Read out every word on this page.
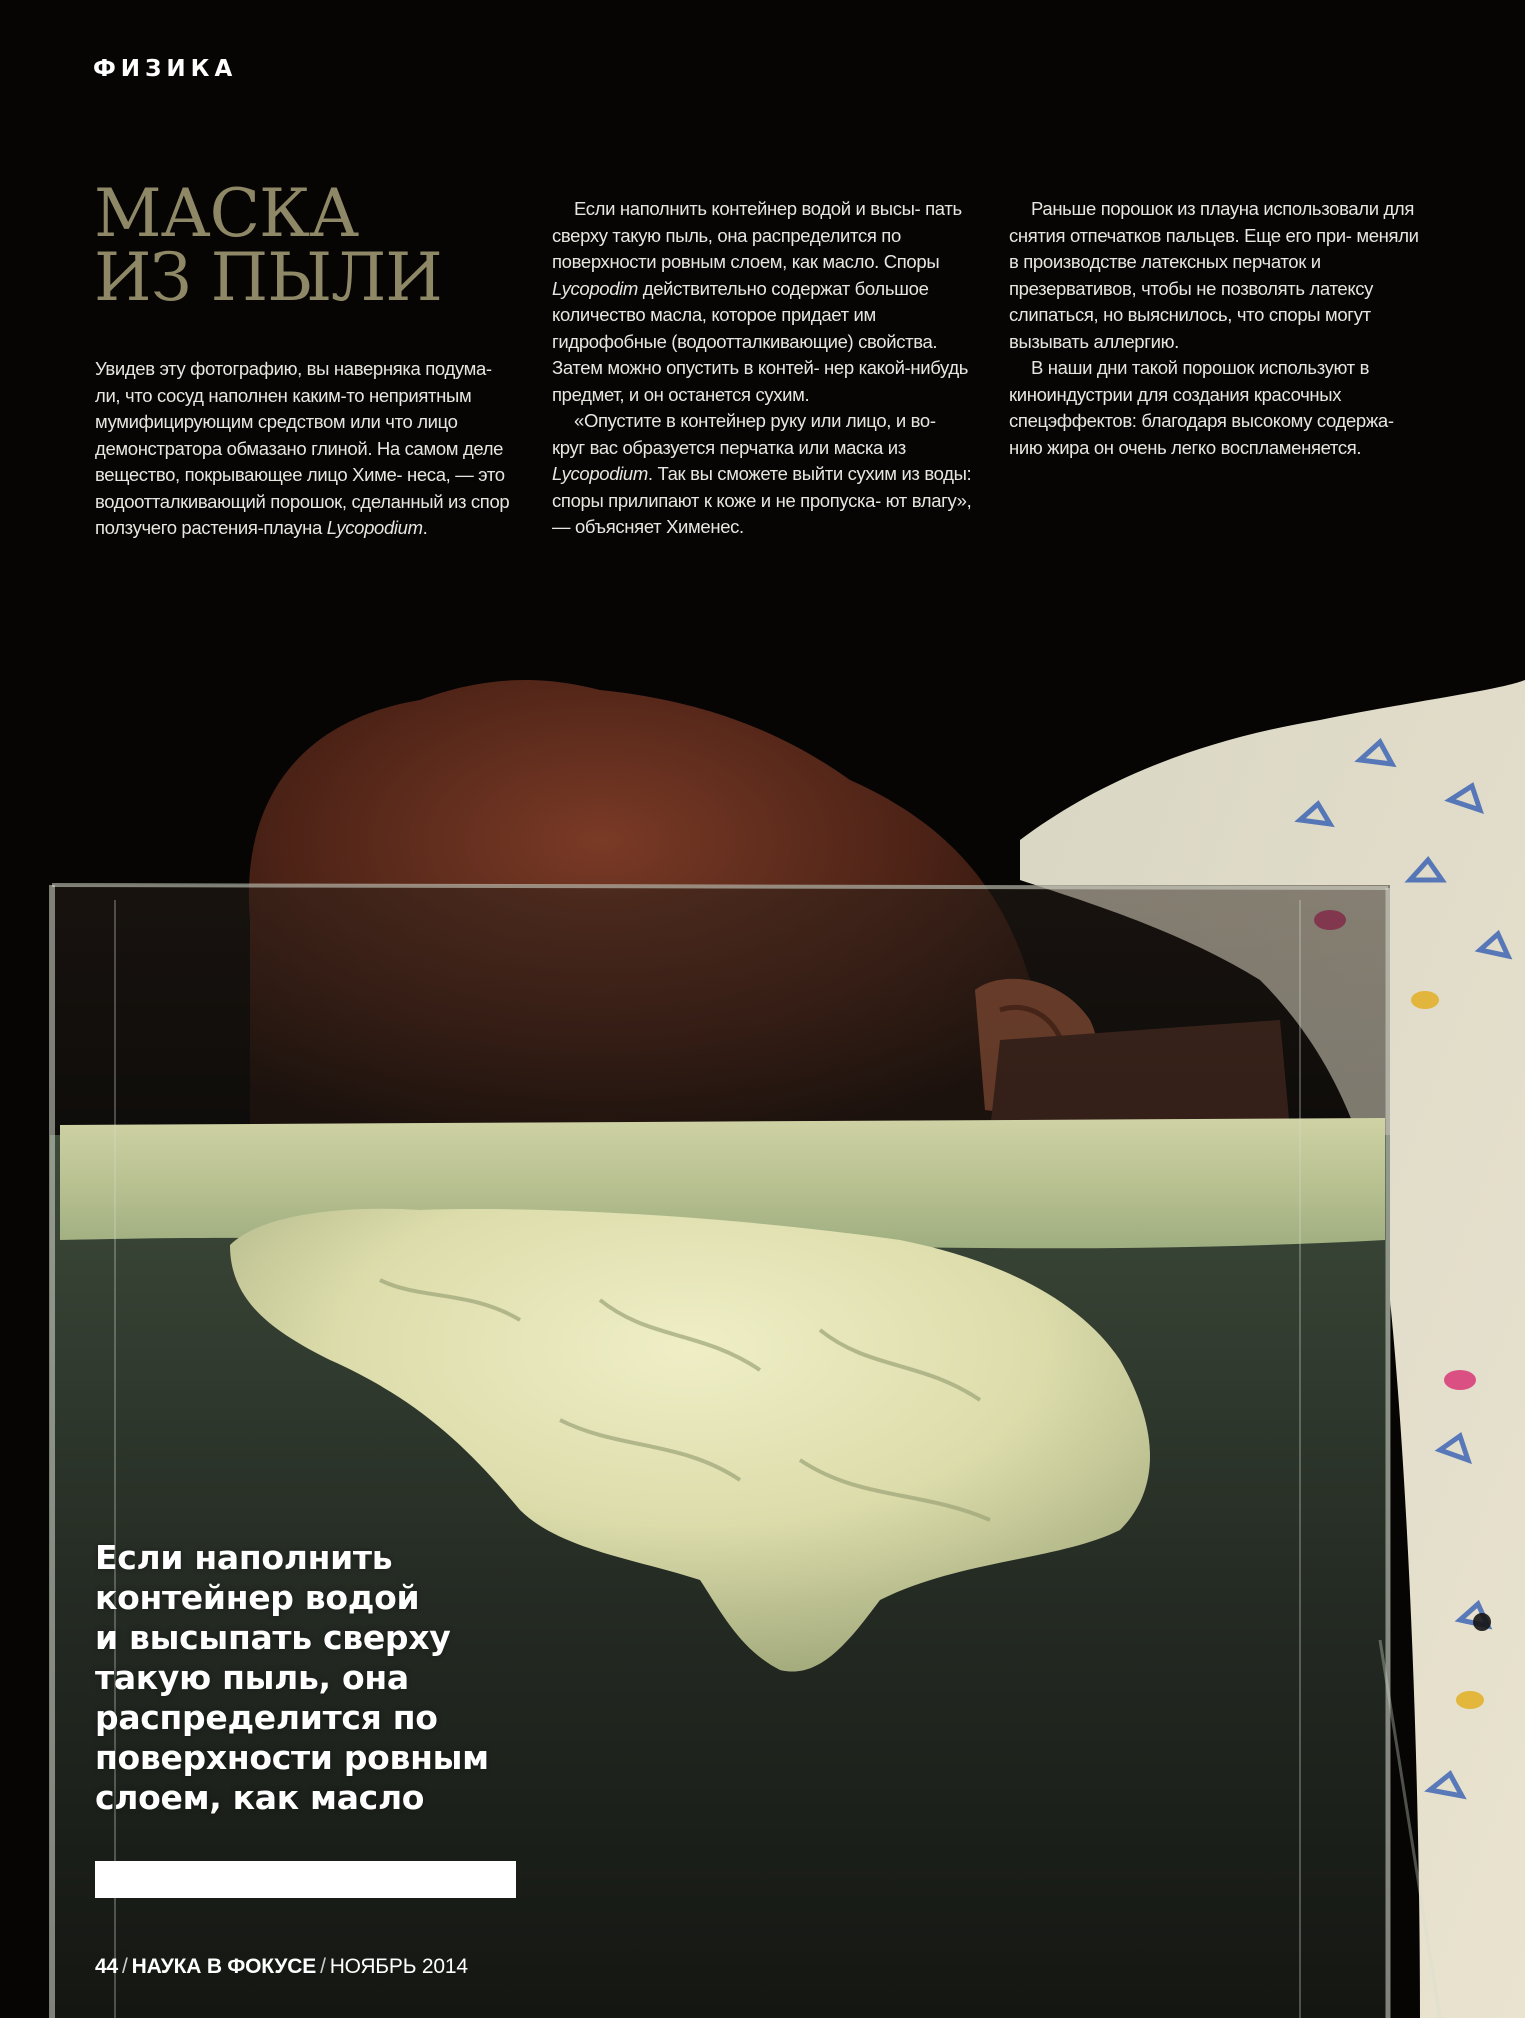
ФИЗИКА
МАСКА
ИЗ ПЫЛИ

Увидев эту фотографию, вы наверняка подума- ли, что сосуд наполнен каким-то неприятным мумифицирующим средством или что лицо демонстратора обмазано глиной. На самом деле вещество, покрывающее лицо Химе- неса, — это водоотталкивающий порошок, сделанный из спор ползучего растения-плауна Lycopodium.

Если наполнить контейнер водой и высы- пать сверху такую пыль, она распределится по поверхности ровным слоем, как масло. Споры Lycopodim действительно содержат большое количество масла, которое придает им гидрофобные (водоотталкивающие) свойства. Затем можно опустить в контей- нер какой-нибудь предмет, и он останется сухим.

«Опустите в контейнер руку или лицо, и во- круг вас образуется перчатка или маска из Lycopodium. Так вы сможете выйти сухим из воды: споры прилипают к коже и не пропуска- ют влагу», — объясняет Хименес.

Раньше порошок из плауна использовали для снятия отпечатков пальцев. Еще его при- меняли в производстве латексных перчаток и презервативов, чтобы не позволять латексу слипаться, но выяснилось, что споры могут вызывать аллергию.

В наши дни такой порошок используют в киноиндустрии для создания красочных спецэффектов: благодаря высокому содержа- нию жира он очень легко воспламеняется.

Если наполнить
контейнер водой
и высыпать сверху
такую пыль, она
распределится по
поверхности ровным
слоем, как масло
44 / НАУКА В ФОКУСЕ / НОЯБРЬ 2014
